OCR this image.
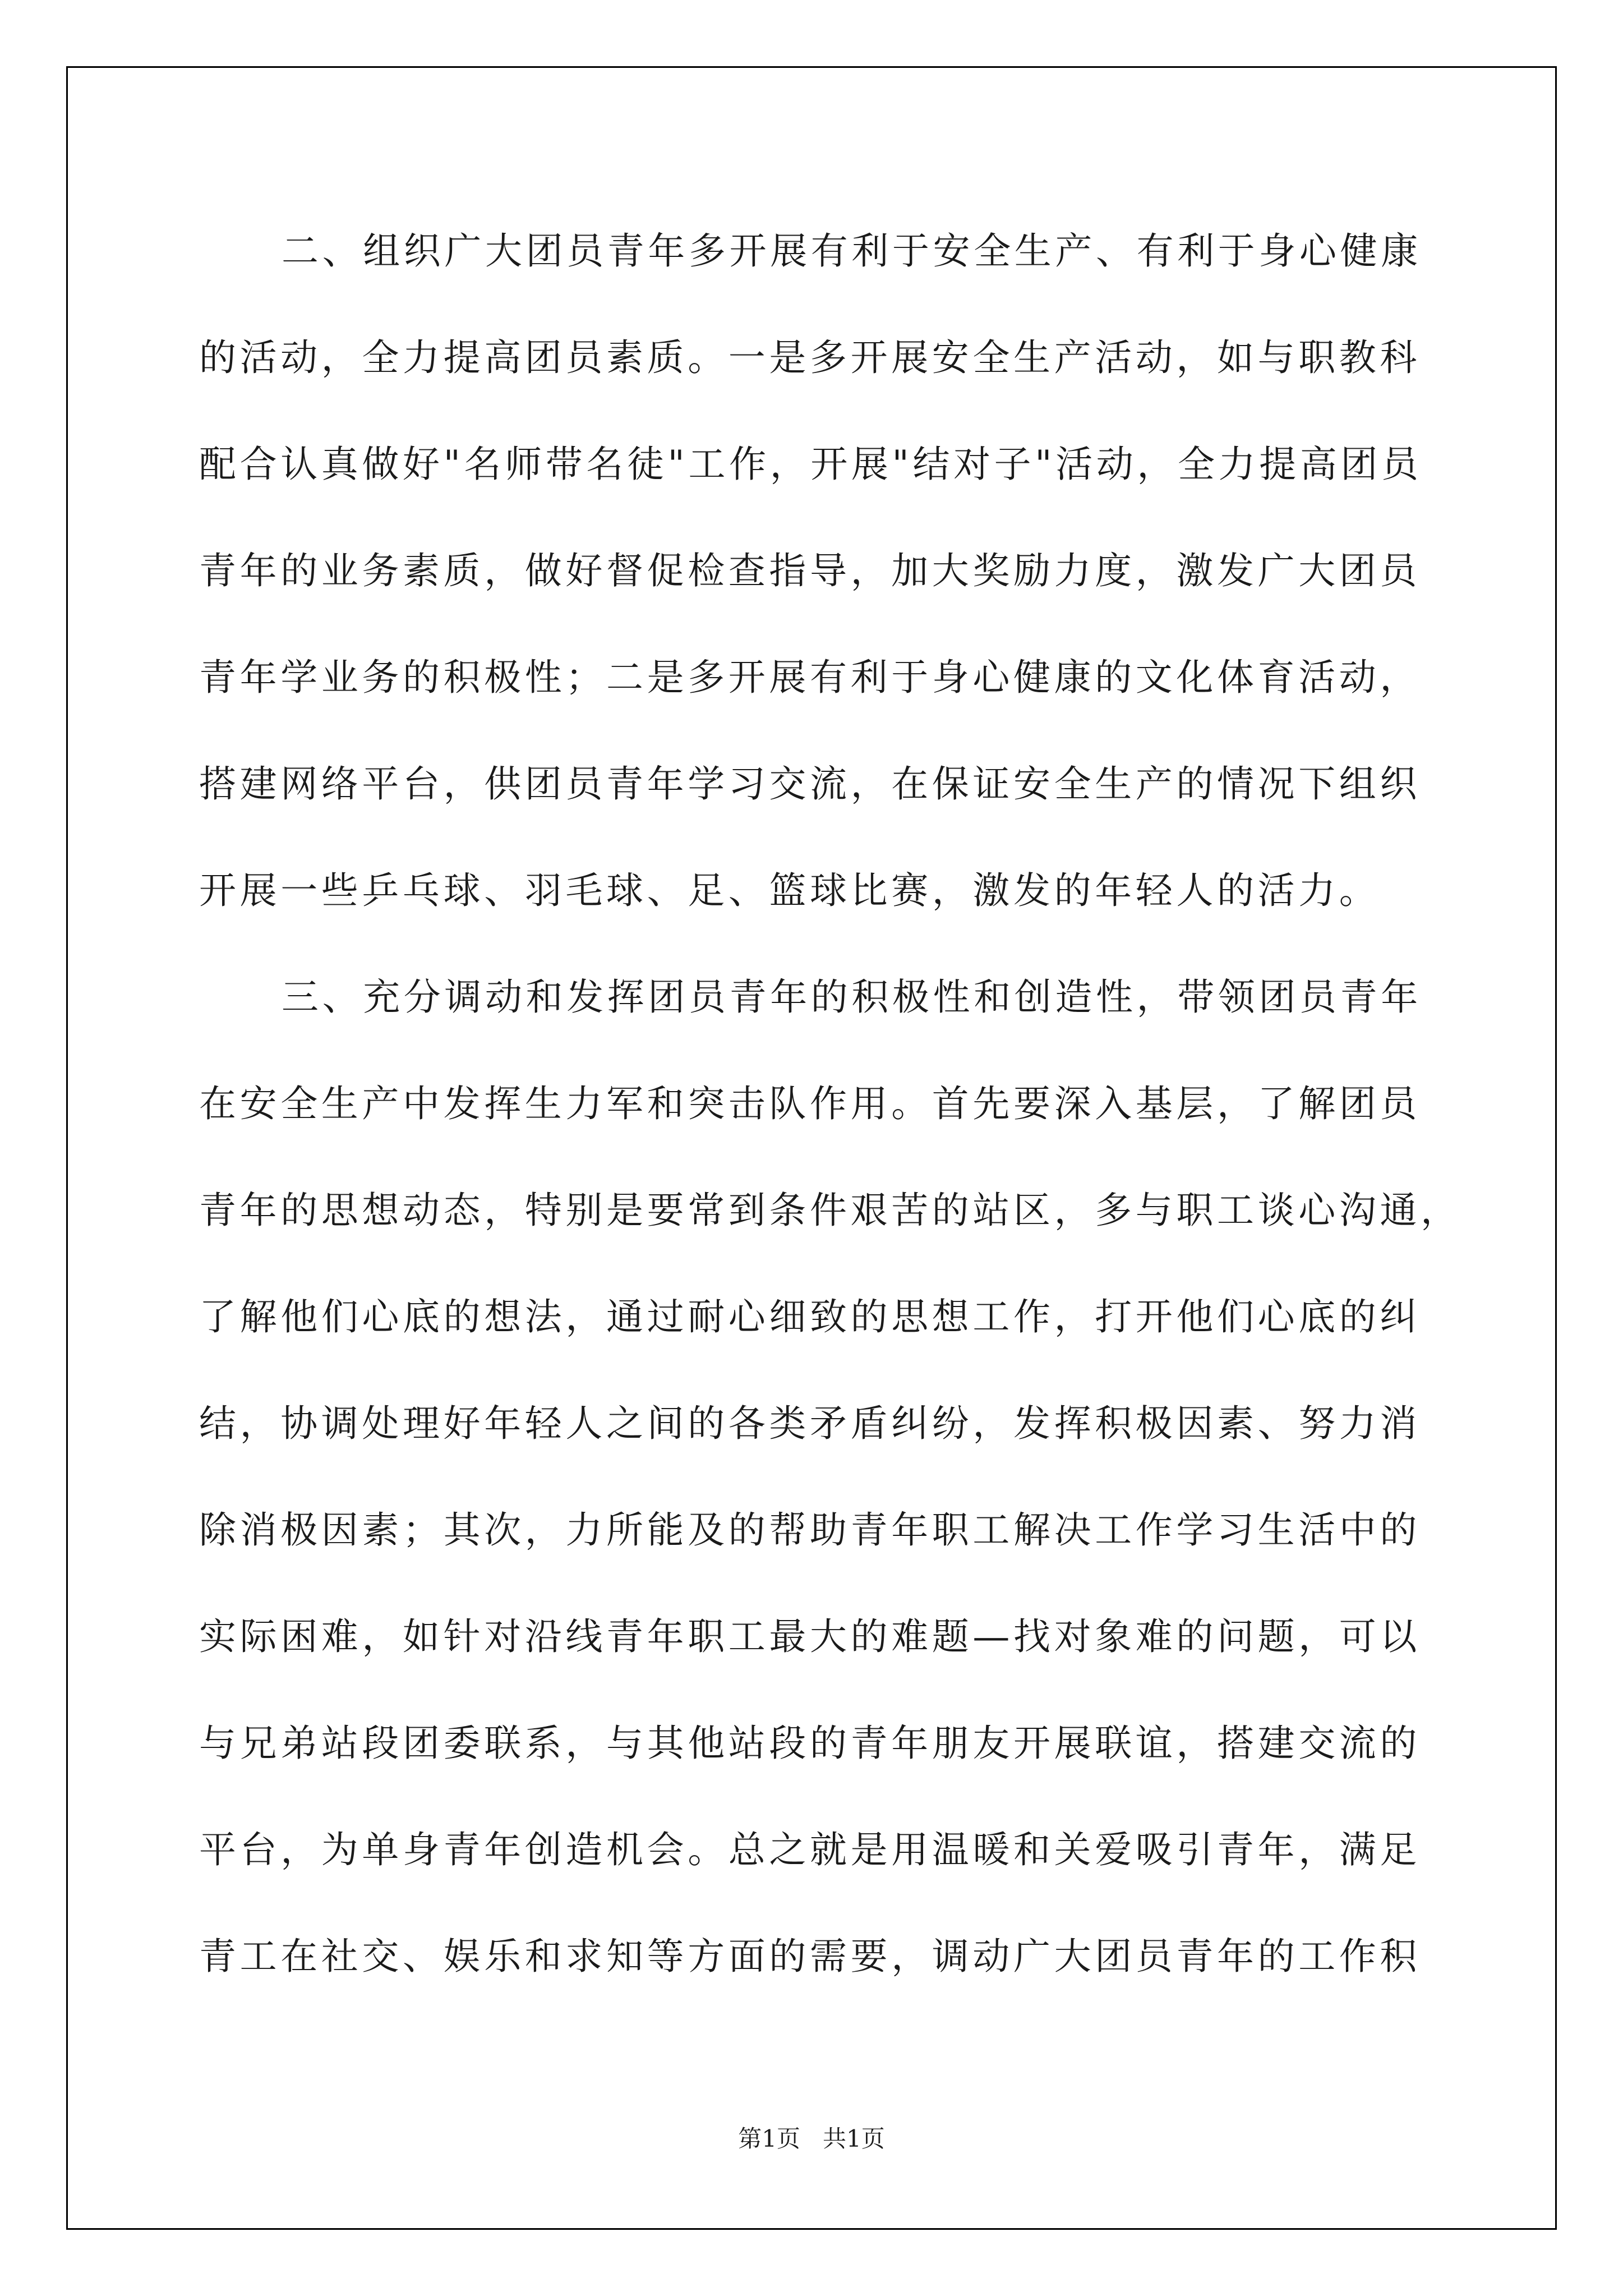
二、组织广大团员青年多开展有利于安全生产、有利于身心健康
的活动，全力提高团员素质。一是多开展安全生产活动，如与职教科
配合认真做好"名师带名徒"工作，开展"结对子"活动，全力提高团员
青年的业务素质，做好督促检查指导，加大奖励力度，激发广大团员
青年学业务的积极性；二是多开展有利于身心健康的文化体育活动，
搭建网络平台，供团员青年学习交流，在保证安全生产的情况下组织
开展一些乒乓球、羽毛球、足、篮球比赛，激发的年轻人的活力。
三、充分调动和发挥团员青年的积极性和创造性，带领团员青年
在安全生产中发挥生力军和突击队作用。首先要深入基层，了解团员
青年的思想动态，特别是要常到条件艰苦的站区，多与职工谈心沟通，
了解他们心底的想法，通过耐心细致的思想工作，打开他们心底的纠
结，协调处理好年轻人之间的各类矛盾纠纷，发挥积极因素、努力消
除消极因素；其次，力所能及的帮助青年职工解决工作学习生活中的
实际困难，如针对沿线青年职工最大的难题—找对象难的问题，可以
与兄弟站段团委联系，与其他站段的青年朋友开展联谊，搭建交流的
平台，为单身青年创造机会。总之就是用温暖和关爱吸引青年，满足
青工在社交、娱乐和求知等方面的需要，调动广大团员青年的工作积
第1页   共1页
